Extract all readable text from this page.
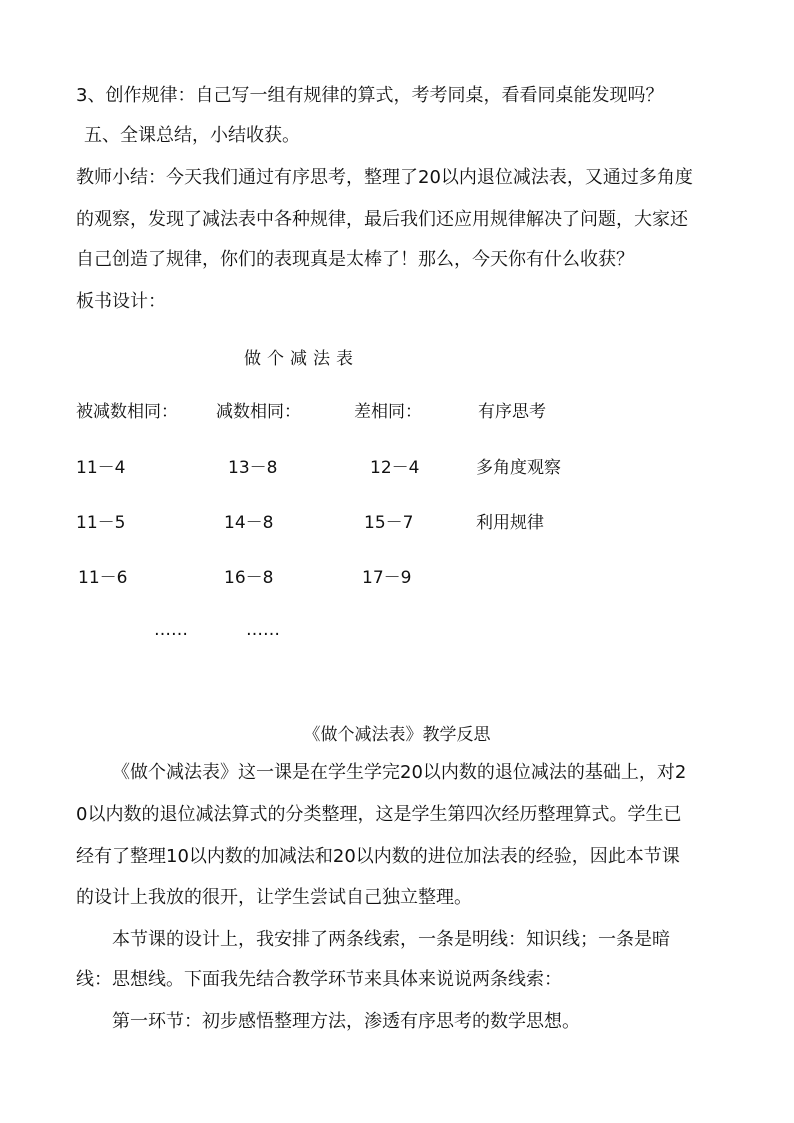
3、创作规律：自己写一组有规律的算式，考考同桌，看看同桌能发现吗？
五、全课总结，小结收获。
教师小结：今天我们通过有序思考，整理了20以内退位减法表，又通过多角度
的观察，发现了减法表中各种规律，最后我们还应用规律解决了问题，大家还
自己创造了规律，你们的表现真是太棒了！那么，今天你有什么收获？
板书设计：
做个减法表
被减数相同： 减数相同：	差相同：	有序思考
11－4	13－8	12－4	多角度观察
11－5	14－8	15－7	利用规律
11－6	16－8	17－9
……	……
《做个减法表》教学反思
《做个减法表》这一课是在学生学完20以内数的退位减法的基础上，对2
0以内数的退位减法算式的分类整理，这是学生第四次经历整理算式。学生已
经有了整理10以内数的加减法和20以内数的进位加法表的经验，因此本节课
的设计上我放的很开，让学生尝试自己独立整理。
本节课的设计上，我安排了两条线索，一条是明线：知识线；一条是暗
线：思想线。下面我先结合教学环节来具体来说说两条线索：
第一环节：初步感悟整理方法，渗透有序思考的数学思想。
